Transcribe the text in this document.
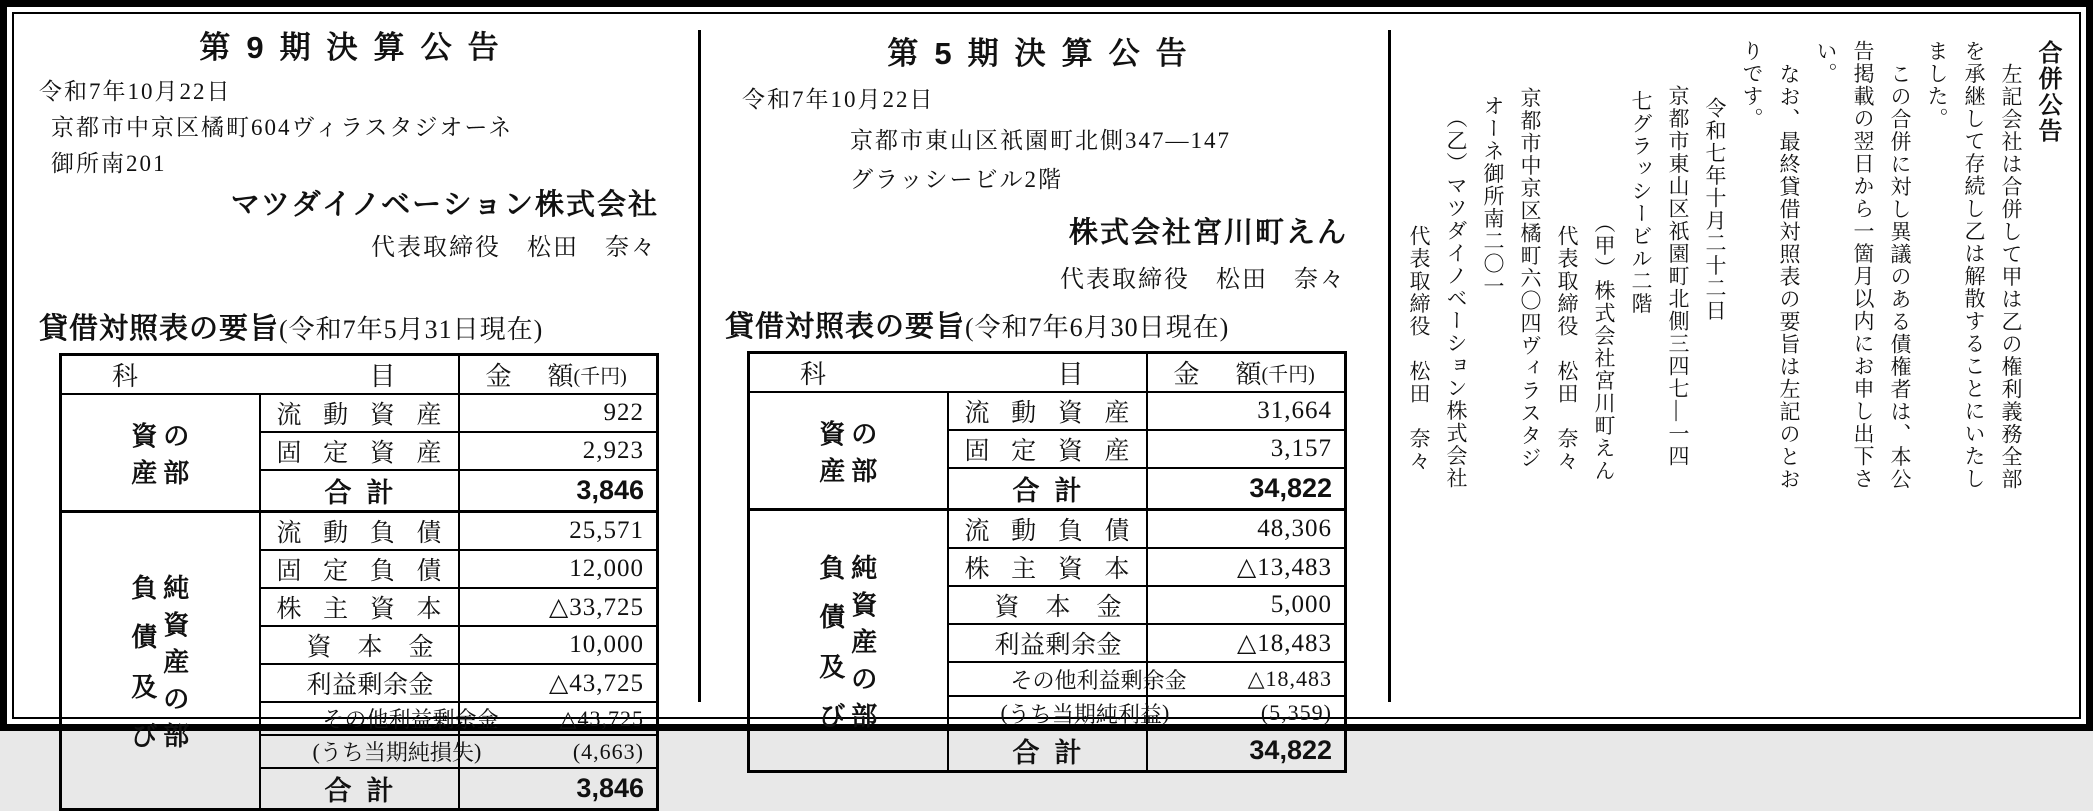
第9期決算公告
令和7年10月22日
京都市中京区橘町604ヴィラスタジオーネ
御所南201
マツダイノベーション株式会社
代表取締役　松田　奈々
貸借対照表の要旨(令和7年5月31日現在)
科 目		金 額 (千円)

資
産
の
部

流 動 資 産	922

	固 定 資 産	2,923

	合 計	3,846

負
債
及
び
純
資
産
の
部

流 動 負 債	25,571

	固 定 負 債	12,000

	株 主 資 本	△33,725

	資 本 金	10,000

	利 益 剰 余 金	△43,725

そ の 他 利 益 剰 余 金	△43,725

( う ち 当 期 純 損 失 )	(4,663)

	合 計	3,846
第5期決算公告
令和7年10月22日
京都市東山区祇園町北側347―147
グラッシービル2階
株式会社宮川町えん
代表取締役　松田　奈々
貸借対照表の要旨(令和7年6月30日現在)
科 目		金 額 (千円)

資
産
の
部

流 動 資 産	31,664

	固 定 資 産	3,157

	合 計	34,822

負
債
及
び
純
資
産
の
部

流 動 負 債	48,306

	株 主 資 本	△13,483

	資 本 金	5,000

	利 益 剰 余 金	△18,483

そ の 他 利 益 剰 余 金	△18,483

( う ち 当 期 純 利 益 )	(5,359)

	合 計	34,822

合併公告

左記会社は合併して甲は乙の権利義務全部

を承継して存続し乙は解散することにいたし

ました。

この合併に対し異議のある債権者は、本公

告掲載の翌日から一箇月以内にお申し出下さ

い。

なお、最終貸借対照表の要旨は左記のとお

りです。

令和七年十月二十二日

京都市東山区祇園町北側三四七―一四

七グラッシービル二階

（甲）株式会社宮川町えん

代表取締役　松田　奈々

京都市中京区橘町六〇四ヴィラスタジ

オーネ御所南二〇一

（乙）マツダイノベーション株式会社

代表取締役　松田　奈々
